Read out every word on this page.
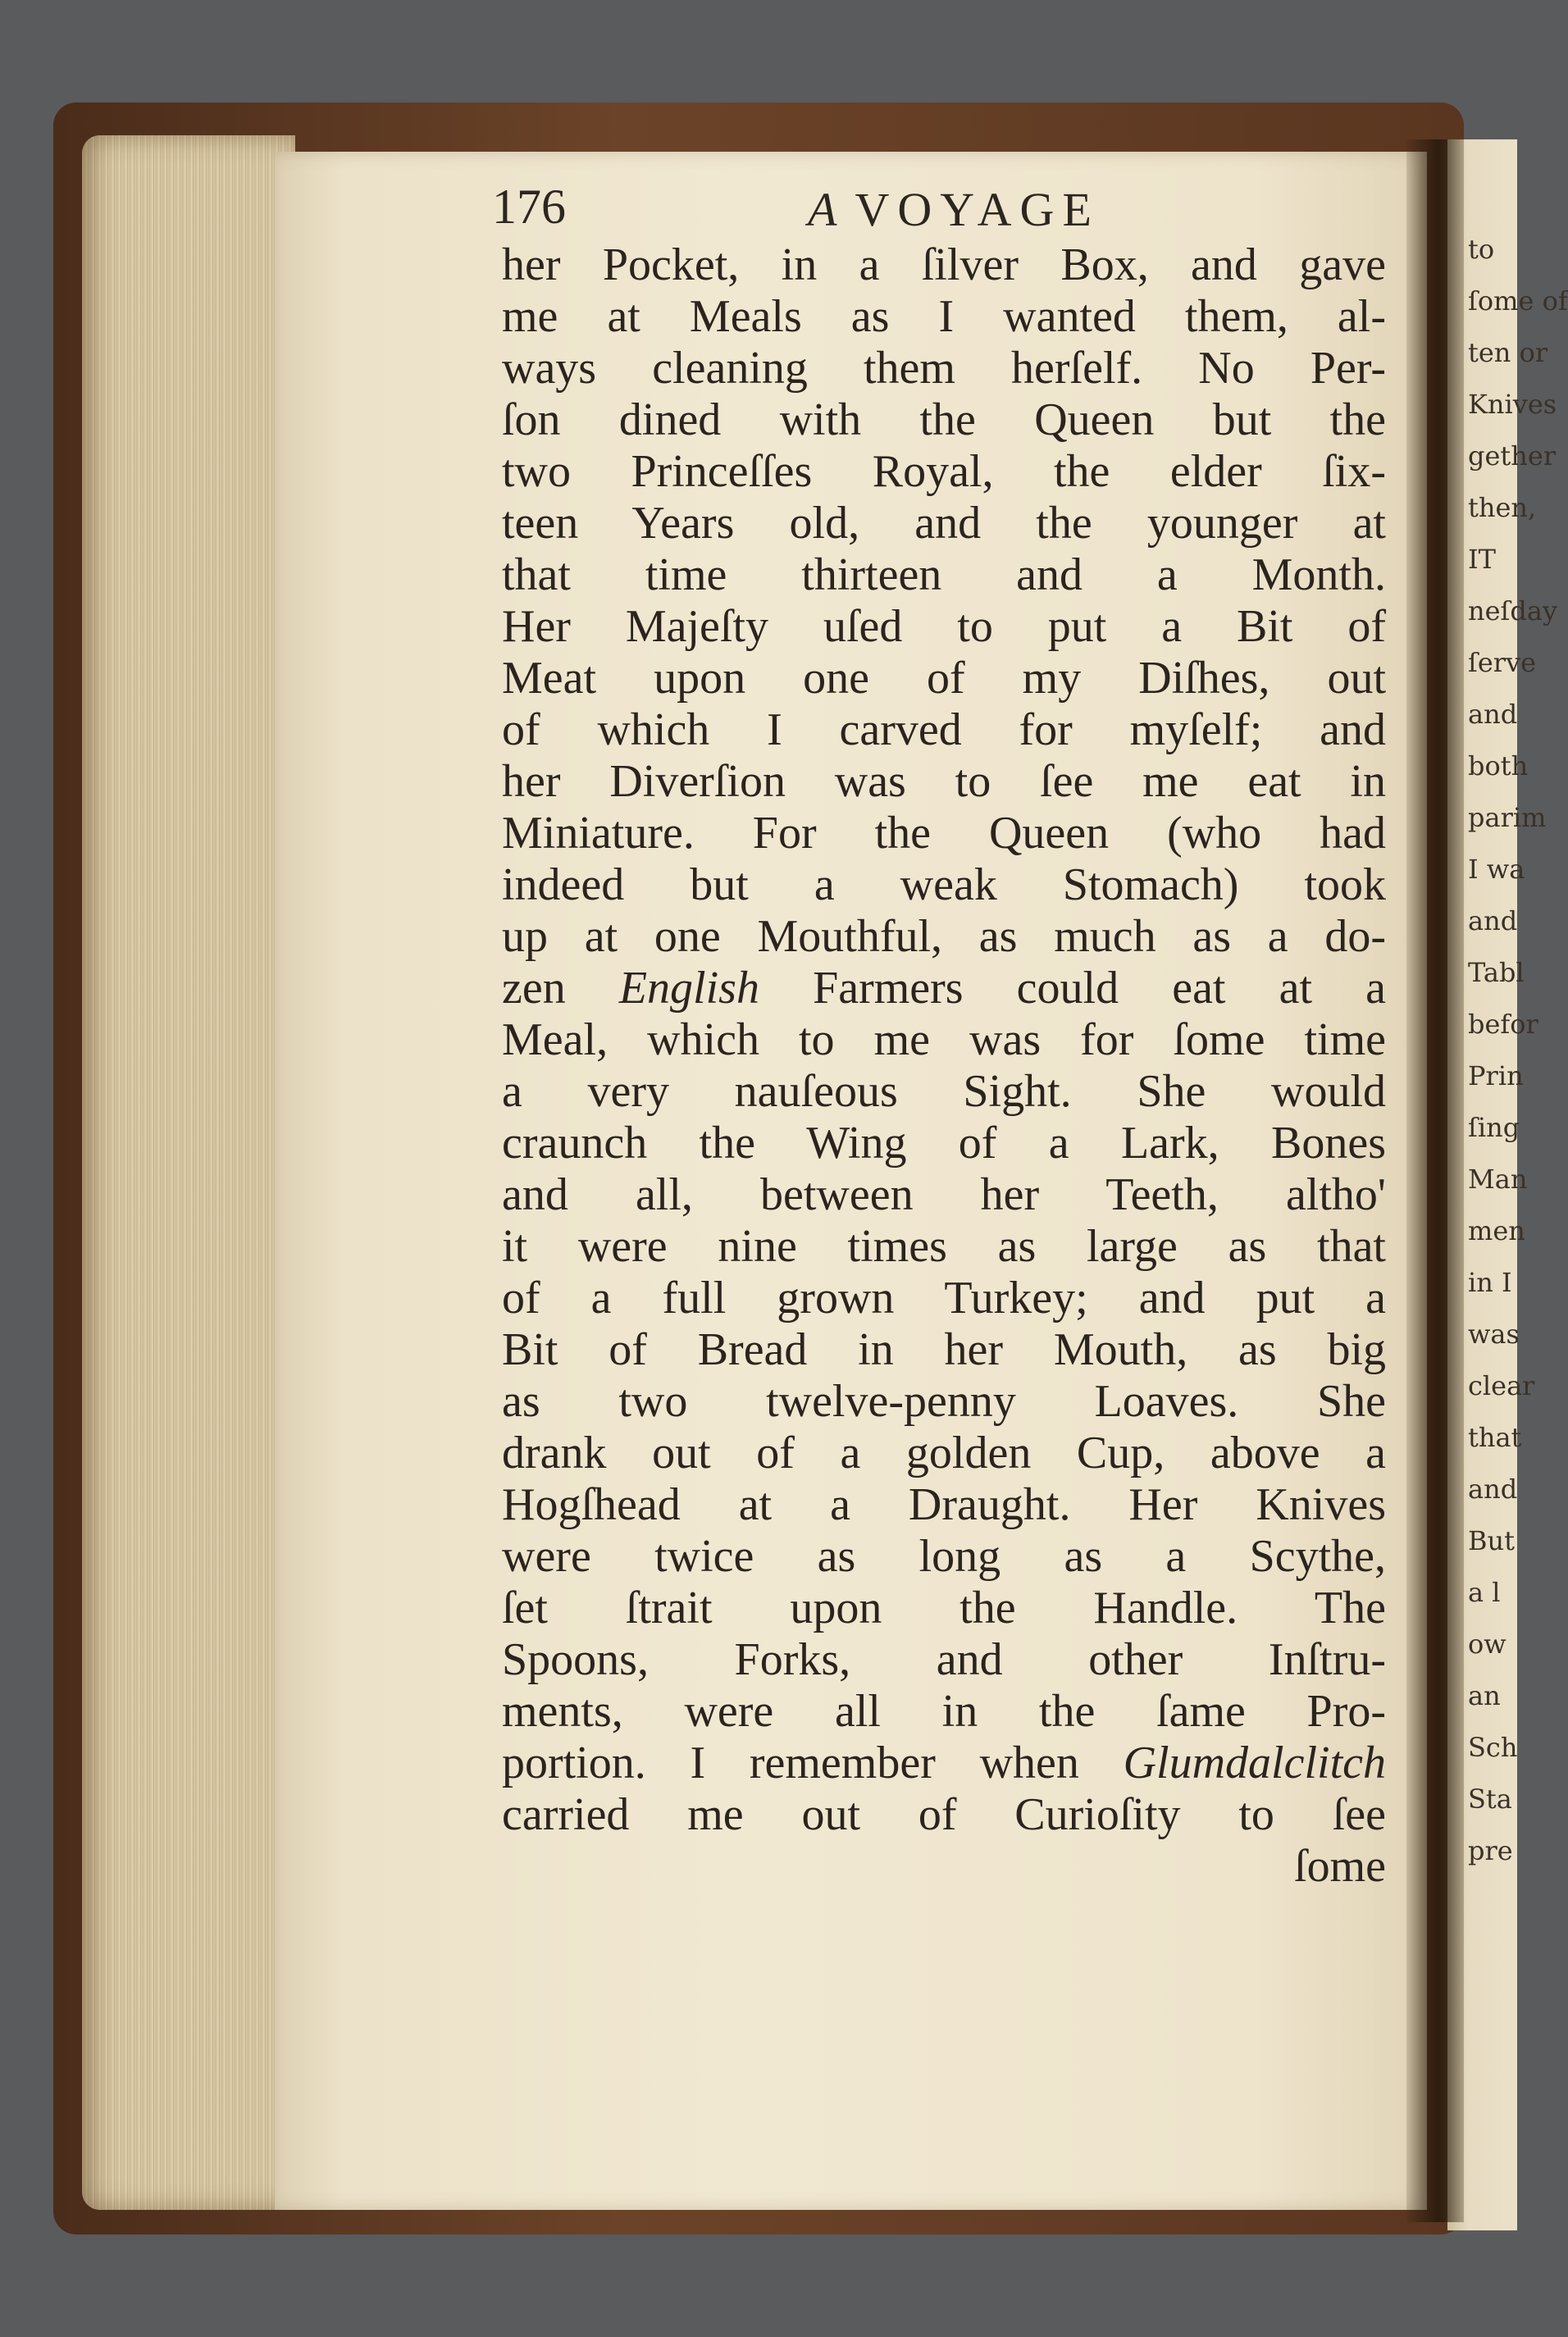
176	A VOYAGE
her Pocket, in a ſilver Box, and gave
me at Meals as I wanted them, al-
ways cleaning them herſelf. No Per-
ſon dined with the Queen but the
two Princeſſes Royal, the elder ſix-
teen Years old, and the younger at
that time thirteen and a Month.
Her Majeſty uſed to put a Bit of
Meat upon one of my Diſhes, out
of which I carved for myſelf; and
her Diverſion was to ſee me eat in
Miniature. For the Queen (who had
indeed but a weak Stomach) took
up at one Mouthful, as much as a do-
zen English Farmers could eat at a
Meal, which to me was for ſome time
a very nauſeous Sight. She would
craunch the Wing of a Lark, Bones
and all, between her Teeth, altho'
it were nine times as large as that
of a full grown Turkey; and put a
Bit of Bread in her Mouth, as big
as two twelve-penny Loaves. She
drank out of a golden Cup, above a
Hogſhead at a Draught. Her Knives
were twice as long as a Scythe,
ſet ſtrait upon the Handle. The
Spoons, Forks, and other Inſtru-
ments, were all in the ſame Pro-
portion. I remember when Glumdalclitch
carried me out of Curioſity to ſee
ſome
to
ſome of
ten or
Knives
gether
then,
IT
neſday
ſerve
and
both
parim
I wa
and
Tabl
befor
Prin
ſing
Man
men
in I
was
clear
that
and
But
a l
ow
an
Sch
Sta
pre
